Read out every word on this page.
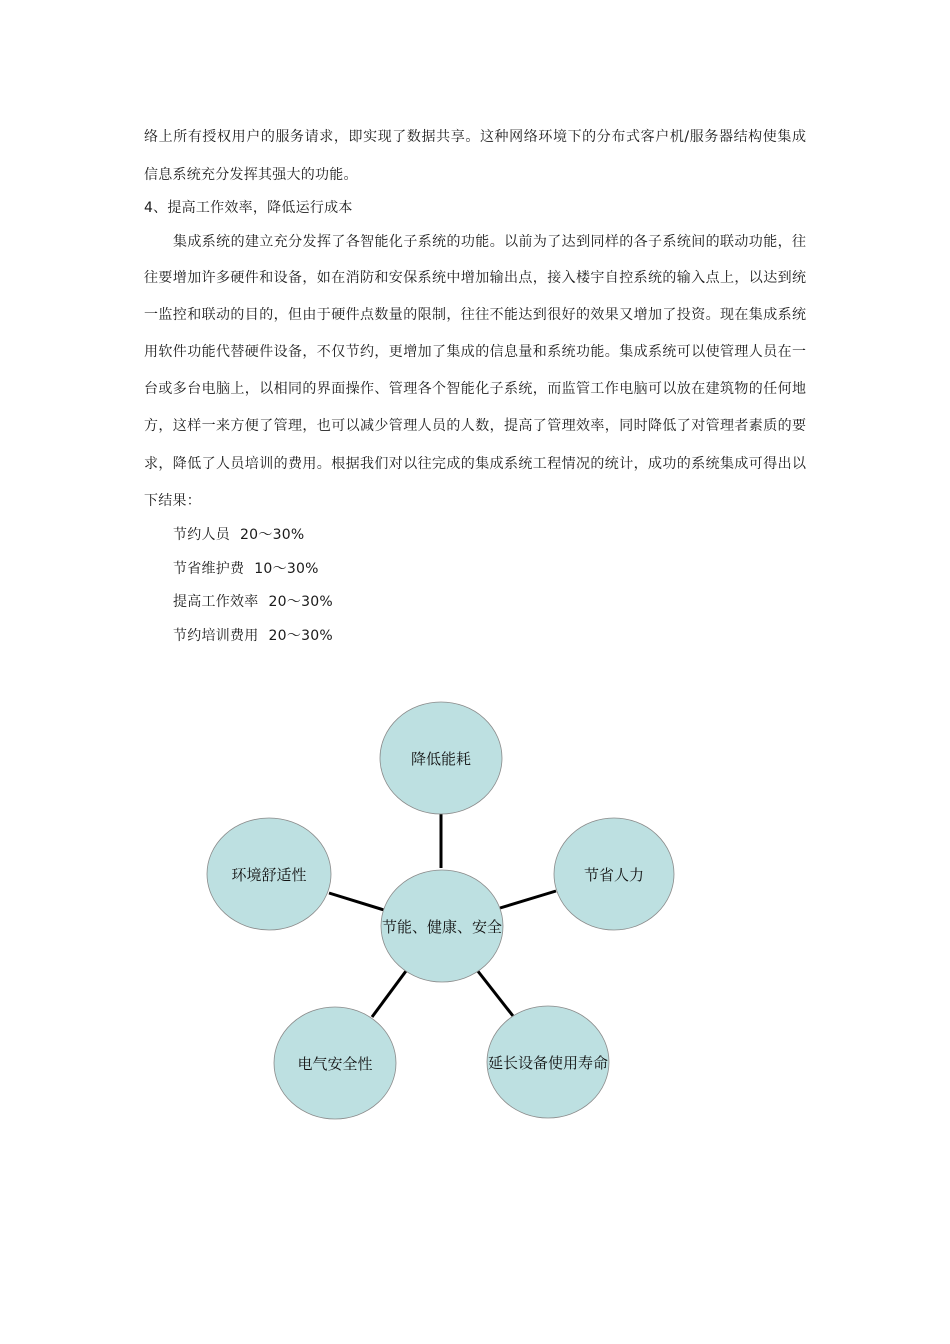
络上所有授权用户的服务请求，即实现了数据共享。这种网络环境下的分布式客户机/服务器结构使集成
信息系统充分发挥其强大的功能。
4、提高工作效率，降低运行成本
集成系统的建立充分发挥了各智能化子系统的功能。以前为了达到同样的各子系统间的联动功能，往
往要增加许多硬件和设备，如在消防和安保系统中增加输出点，接入楼宇自控系统的输入点上，以达到统
一监控和联动的目的，但由于硬件点数量的限制，往往不能达到很好的效果又增加了投资。现在集成系统
用软件功能代替硬件设备，不仅节约，更增加了集成的信息量和系统功能。集成系统可以使管理人员在一
台或多台电脑上，以相同的界面操作、管理各个智能化子系统，而监管工作电脑可以放在建筑物的任何地
方，这样一来方便了管理，也可以减少管理人员的人数，提高了管理效率，同时降低了对管理者素质的要
求，降低了人员培训的费用。根据我们对以往完成的集成系统工程情况的统计，成功的系统集成可得出以
下结果：
节约人员 20～30%
节省维护费 10～30%
提高工作效率 20～30%
节约培训费用 20～30%
降低能耗
节省人力
环境舒适性
电气安全性	延长设备使用寿命
节能、健康、安全
